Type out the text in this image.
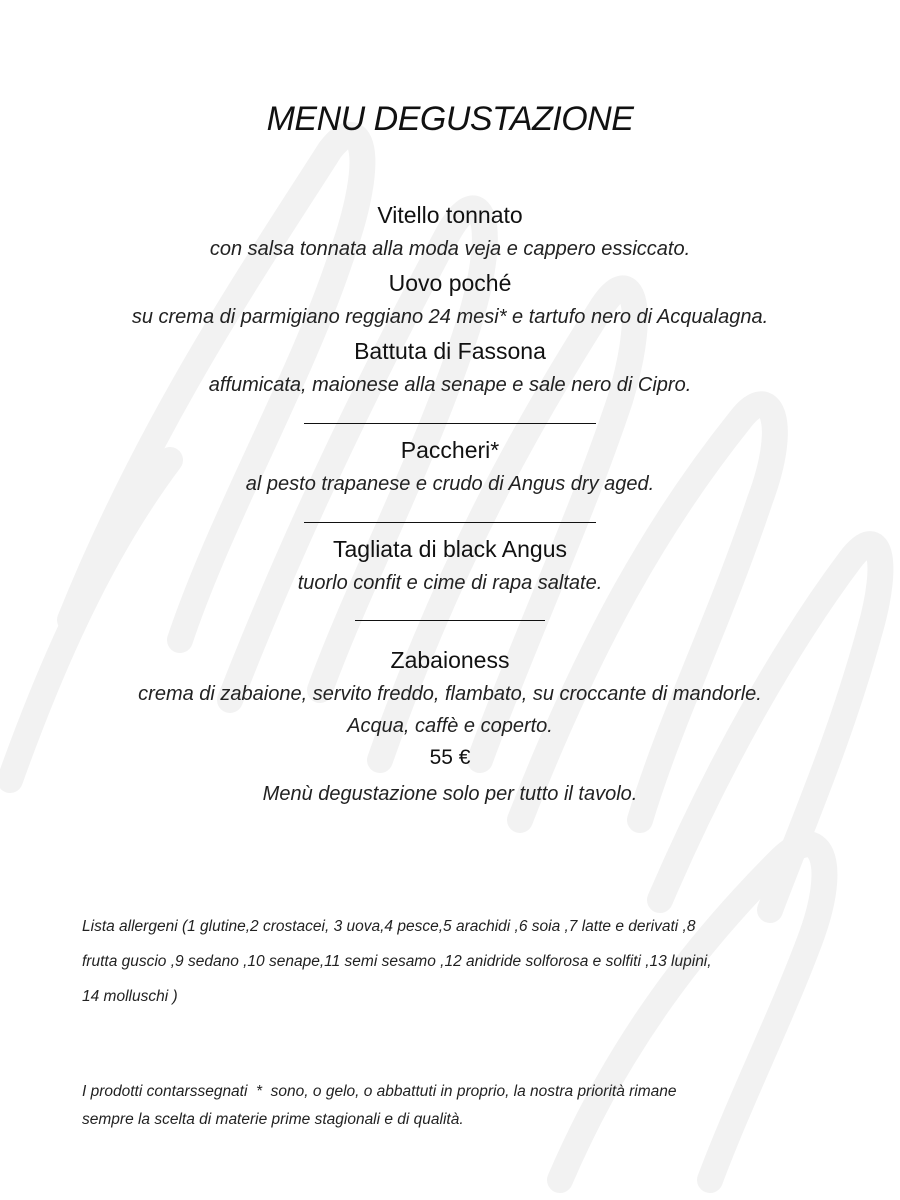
MENU DEGUSTAZIONE
Vitello tonnato
con salsa tonnata alla moda veja e cappero essiccato.
Uovo poché
su crema di parmigiano reggiano 24 mesi* e tartufo nero di Acqualagna.
Battuta di Fassona
affumicata, maionese alla senape e sale nero di Cipro.
Paccheri*
al pesto trapanese e crudo di Angus dry aged.
Tagliata di black Angus
tuorlo confit e cime di rapa saltate.
Zabaioness
crema di zabaione, servito freddo, flambato, su croccante di mandorle.
Acqua, caffè e coperto.
55 €
Menù degustazione solo per tutto il tavolo.
Lista allergeni (1 glutine,2 crostacei, 3 uova,4 pesce,5 arachidi ,6 soia ,7 latte e derivati ,8
frutta guscio ,9 sedano ,10 senape,11 semi sesamo ,12 anidride solforosa e solfiti ,13 lupini,
14 molluschi )
I prodotti contarssegnati  *  sono, o gelo, o abbattuti in proprio, la nostra priorità rimane
sempre la scelta di materie prime stagionali e di qualità.
